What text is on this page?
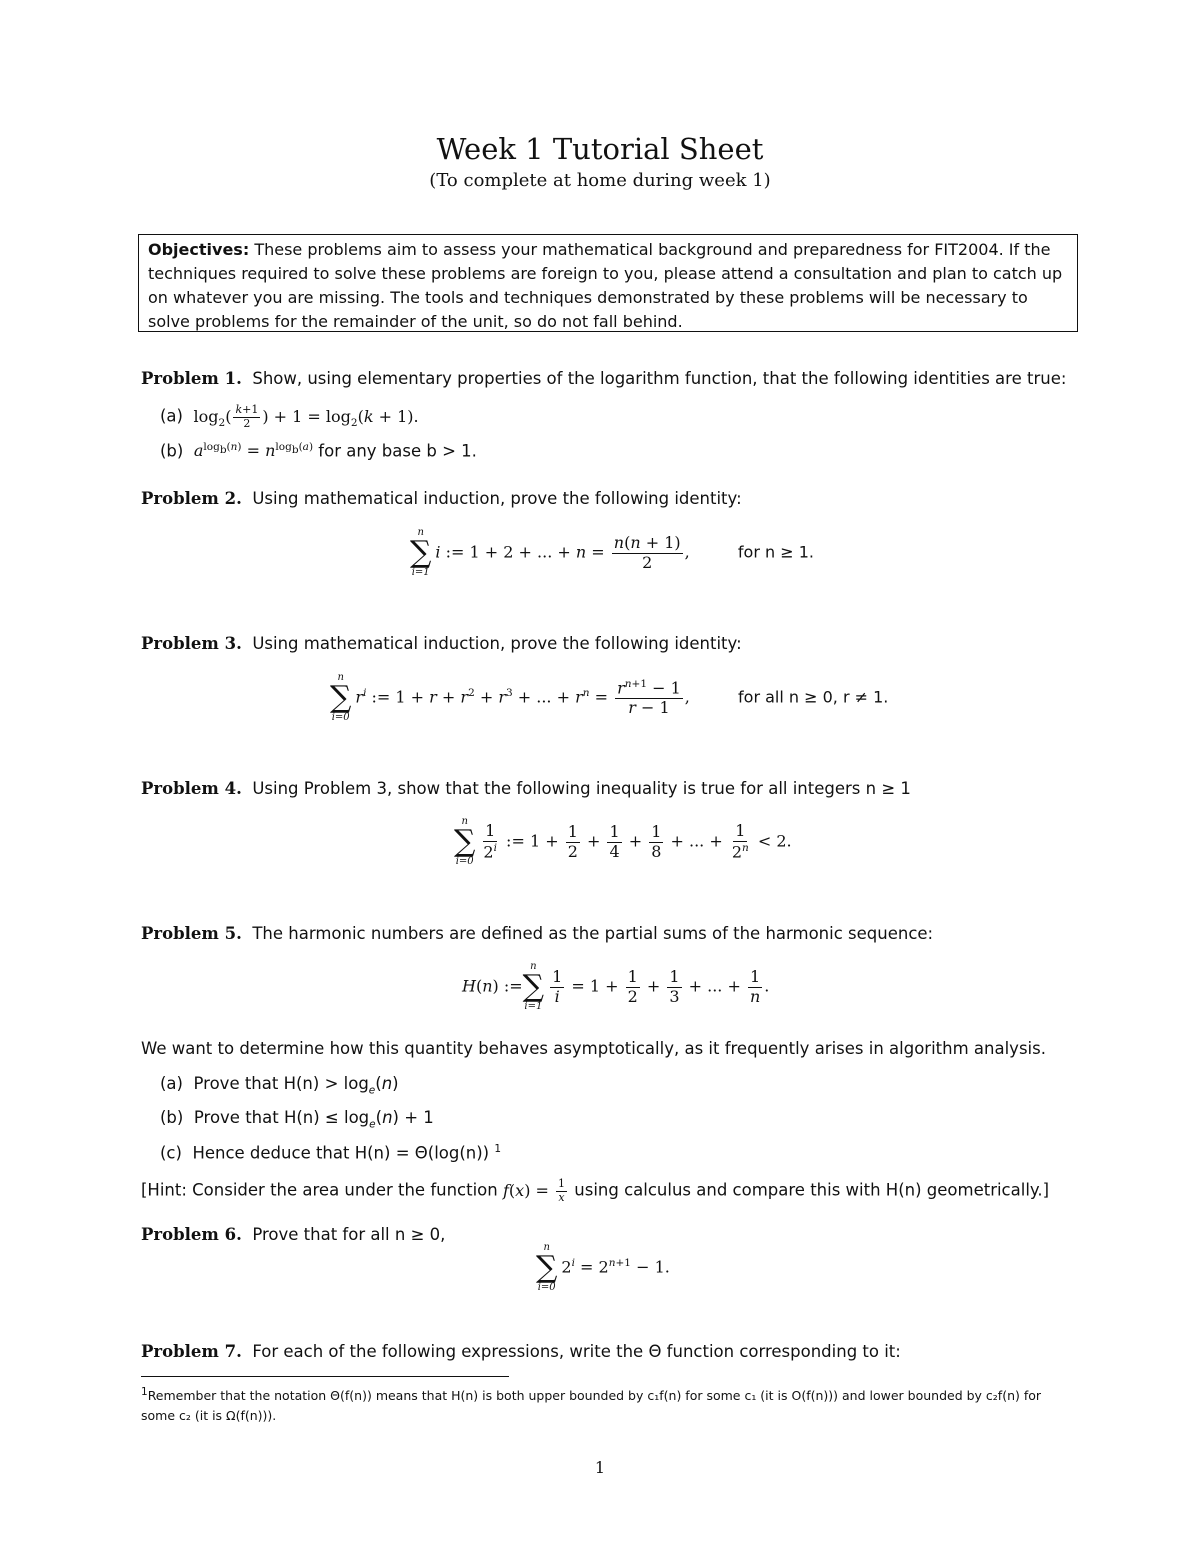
Week 1 Tutorial Sheet
(To complete at home during week 1)
Objectives: These problems aim to assess your mathematical background and preparedness for FIT2004. If the techniques required to solve these problems are foreign to you, please attend a consultation and plan to catch up on whatever you are missing. The tools and techniques demonstrated by these problems will be necessary to solve problems for the remainder of the unit, so do not fall behind.
Problem 1. Show, using elementary properties of the logarithm function, that the following identities are true:
(a) $\log_2( \frac{k+1}{2}$ ) + $1 = \log_2(k + 1)$.
(b) $a^{log_b(n)} = n^{log_b(a)}$ for any base b > 1.
Problem 2. Using mathematical induction, prove the following identity:
n
∑
i=1
i := 1 + 2 + ... + $n = \frac{n(n + 1)}{2}$ ,	for n ≥ 1.
Problem 3. Using mathematical induction, prove the following identity:
n
∑
i=0
$r^i$ := $1 + r + r^2 + r^3$ + ... + $r^n = \frac{r^{n+1} - 1}{r - 1}$ ,	for all n ≥ 0, r ≠ 1.
Problem 4. Using Problem 3, show that the following inequality is true for all integers n ≥ 1
n
∑
$i=0 \frac{1}{2^i}$ := $1 + \frac{1}{2} + \frac{1}{4} + \frac{1}{8}$ + ... + $\frac{1}{2^n} < 2$.
Problem 5. The harmonic numbers are defined as the partial sums of the harmonic sequence:
H(n) :=
n
∑
i=1
$\frac{1}{i} = 1 + \frac{1}{2} + \frac{1}{3}$ + ... + $\frac{1}{n}$ .
We want to determine how this quantity behaves asymptotically, as it frequently arises in algorithm analysis.
(a) Prove that $H(n) > \log_e(n)$
(b) Prove that $H(n) \le \log_e(n) + 1$
(c) Hence deduce that H(n) = Θ(log(n)) $^1$
[Hint: Consider the area under the function $f(x) = \frac{1}{x}$ using calculus and compare this with H(n) geometrically.]
Problem 6. Prove that for all n ≥ 0,
n
∑
i=0
$2^i = 2^{n+1} - 1$.
Problem 7. For each of the following expressions, write the Θ function corresponding to it:
$^1$Remember that the notation Θ(f(n)) means that H(n) is both upper bounded by c₁f(n) for some c₁ (it is O(f(n))) and lower bounded by c₂f(n) for some c₂ (it is Ω(f(n))).
1
